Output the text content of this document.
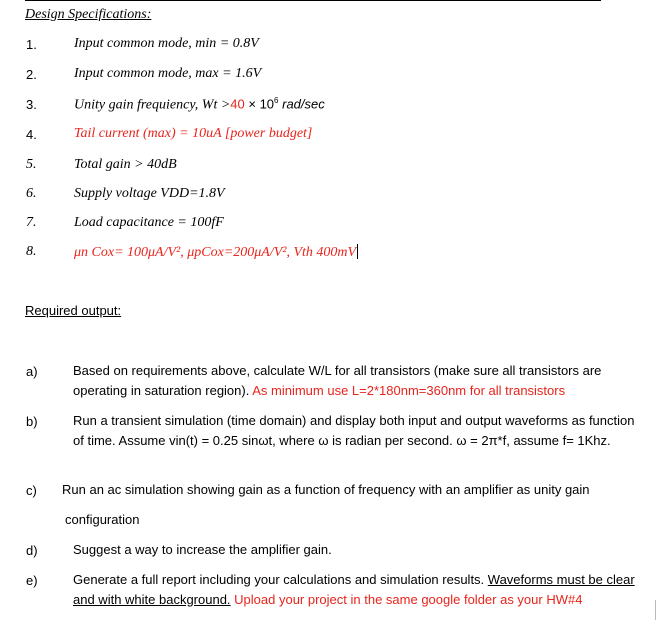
Design Specifications:
1.	Input common mode, min = 0.8V
2.	Input common mode, max = 1.6V
3.	Unity gain frequiency, $Wt >40 \times 10^6$ rad/sec
4.	Tail current (max) = 10uA [power budget]
5.	Total gain > 40dB
6.	Supply voltage VDD=1.8V
7.	Load capacitance = 100fF
8.	μn Cox= 100μA/V², μpCox=200μA/V², Vth 400mV
Required output:
a)	Based on requirements above, calculate W/L for all transistors (make sure all transistors are operating in saturation region). As minimum use L=2*180nm=360nm for all transistors
b)	Run a transient simulation (time domain) and display both input and output waveforms as function of time. Assume vin(t) = 0.25 sinωt, where ω is radian per second. ω = 2π*f, assume f= 1Khz.
c) Run an ac simulation showing gain as a function of frequency with an amplifier as unity gain
configuration
d)	Suggest a way to increase the amplifier gain.
e)	Generate a full report including your calculations and simulation results. Waveforms must be clear and with white background. Upload your project in the same google folder as your HW#4
